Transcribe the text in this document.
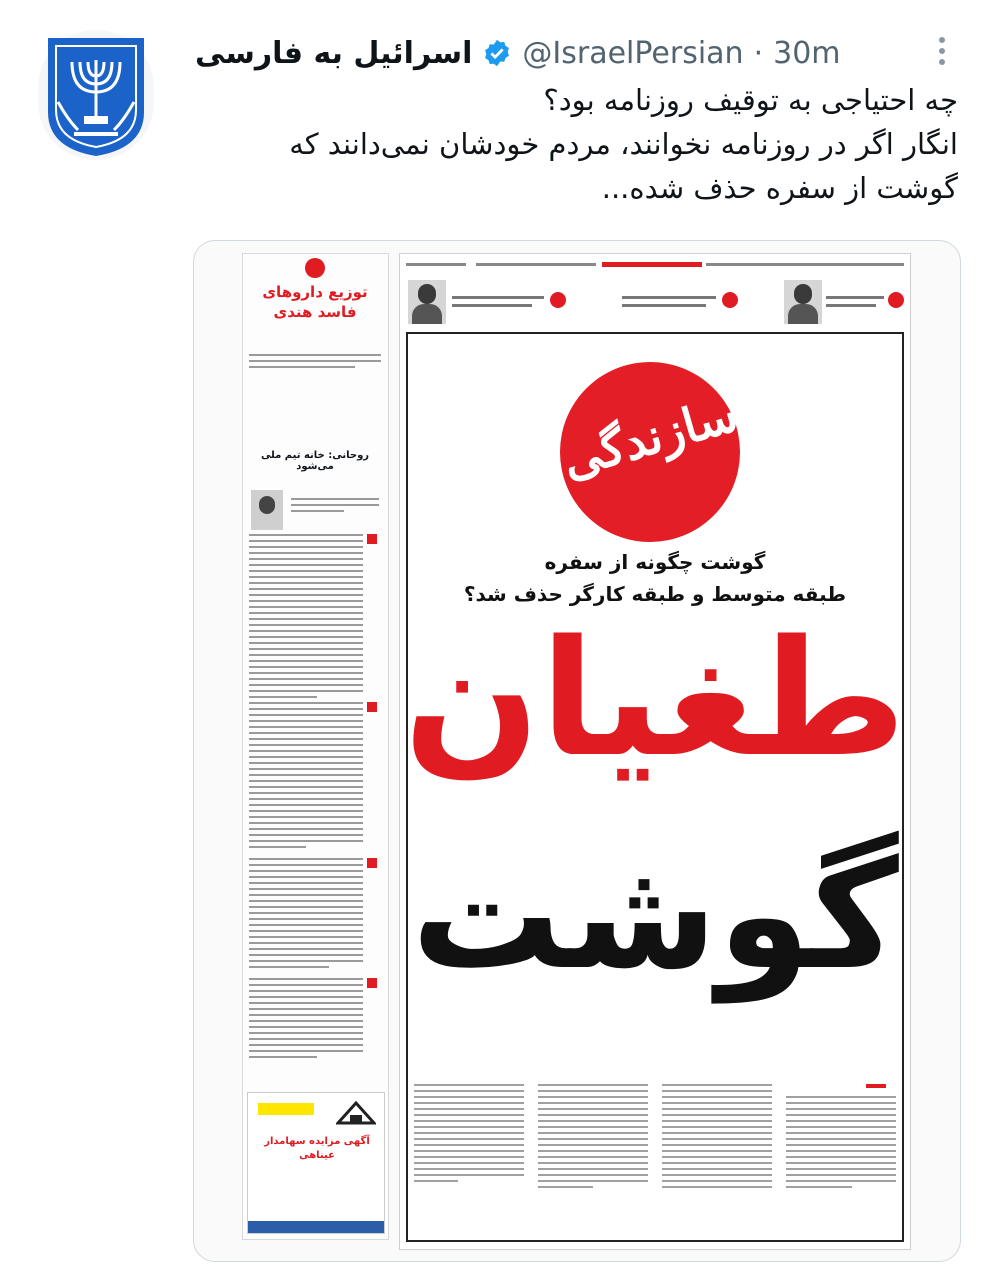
اسرائیل به فارسی @IsraelPersian · 30m
چه احتیاجی به توقیف روزنامه بود؟
انگار اگر در روزنامه نخوانند، مردم خودشان نمی‌دانند که
گوشت از سفره حذف شده...
توزیع داروهای فاسد هندی
روحانی: خانه تیم ملی می‌شود
آگهی مزایده سهامدار عیناهی
سازندگی
گوشت چگونه از سفره
طبقه متوسط و طبقه کارگر حذف شد؟
طغیان
گوشت
